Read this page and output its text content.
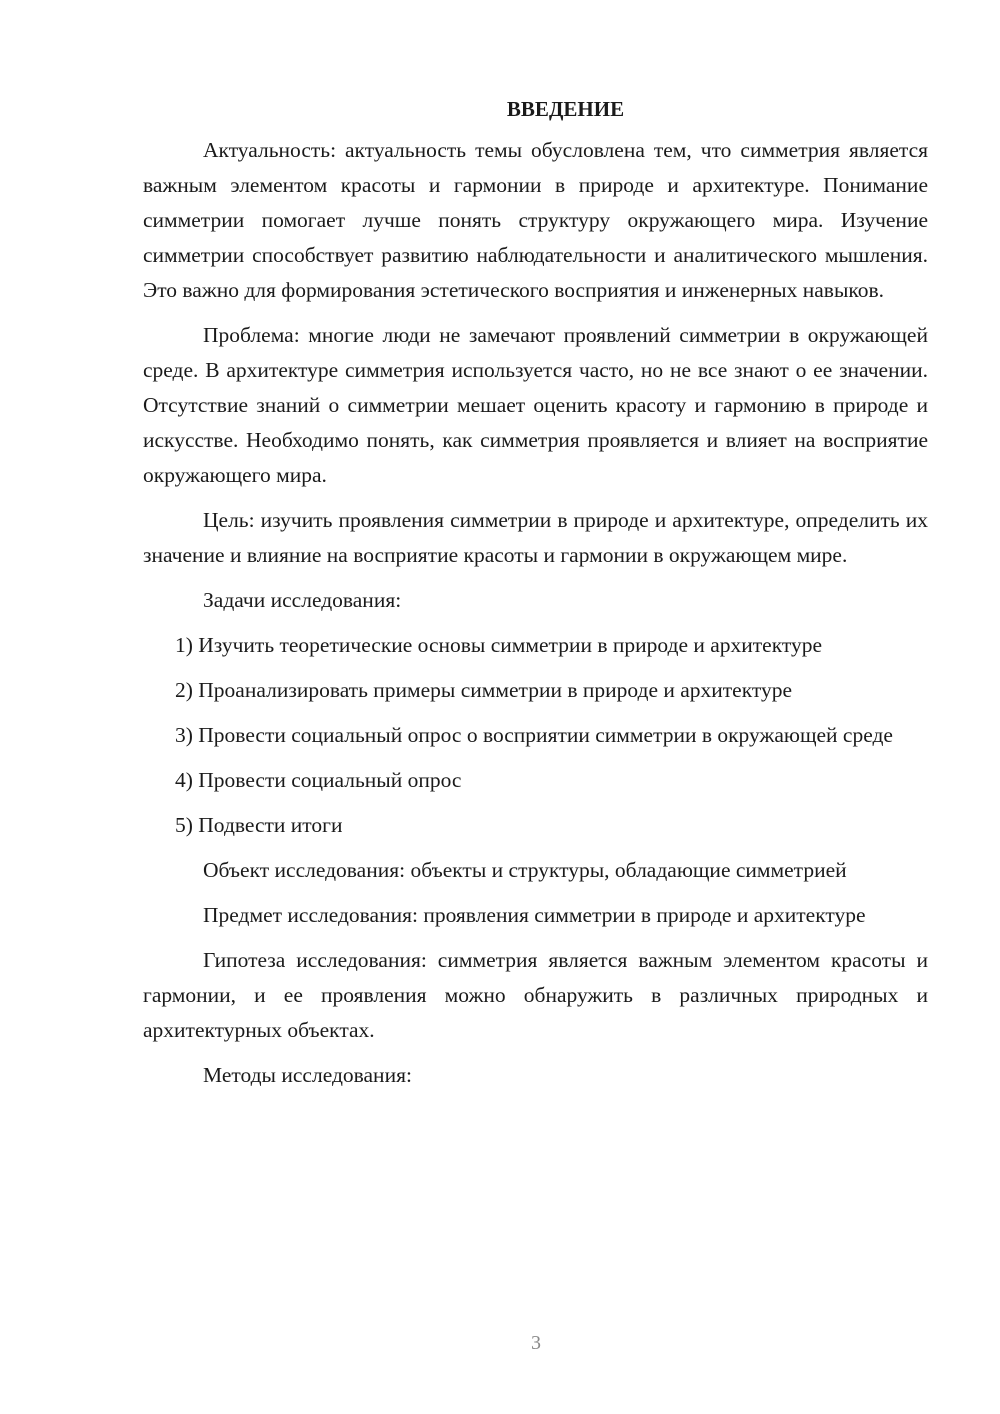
ВВЕДЕНИЕ

Актуальность: актуальность темы обусловлена тем, что симметрия является важным элементом красоты и гармонии в природе и архитектуре. Понимание симметрии помогает лучше понять структуру окружающего мира. Изучение симметрии способствует развитию наблюдательности и аналитического мышления. Это важно для формирования эстетического восприятия и инженерных навыков.

Проблема: многие люди не замечают проявлений симметрии в окружающей среде. В архитектуре симметрия используется часто, но не все знают о ее значении. Отсутствие знаний о симметрии мешает оценить красоту и гармонию в природе и искусстве. Необходимо понять, как симметрия проявляется и влияет на восприятие окружающего мира.

Цель: изучить проявления симметрии в природе и архитектуре, определить их значение и влияние на восприятие красоты и гармонии в окружающем мире.

Задачи исследования:

1) Изучить теоретические основы симметрии в природе и архитектуре

2) Проанализировать примеры симметрии в природе и архитектуре

3) Провести социальный опрос о восприятии симметрии в окружающей среде

4) Провести социальный опрос

5) Подвести итоги

Объект исследования: объекты и структуры, обладающие симметрией

Предмет исследования: проявления симметрии в природе и архитектуре

Гипотеза исследования: симметрия является важным элементом красоты и гармонии, и ее проявления можно обнаружить в различных природных и архитектурных объектах.

Методы исследования:

3
